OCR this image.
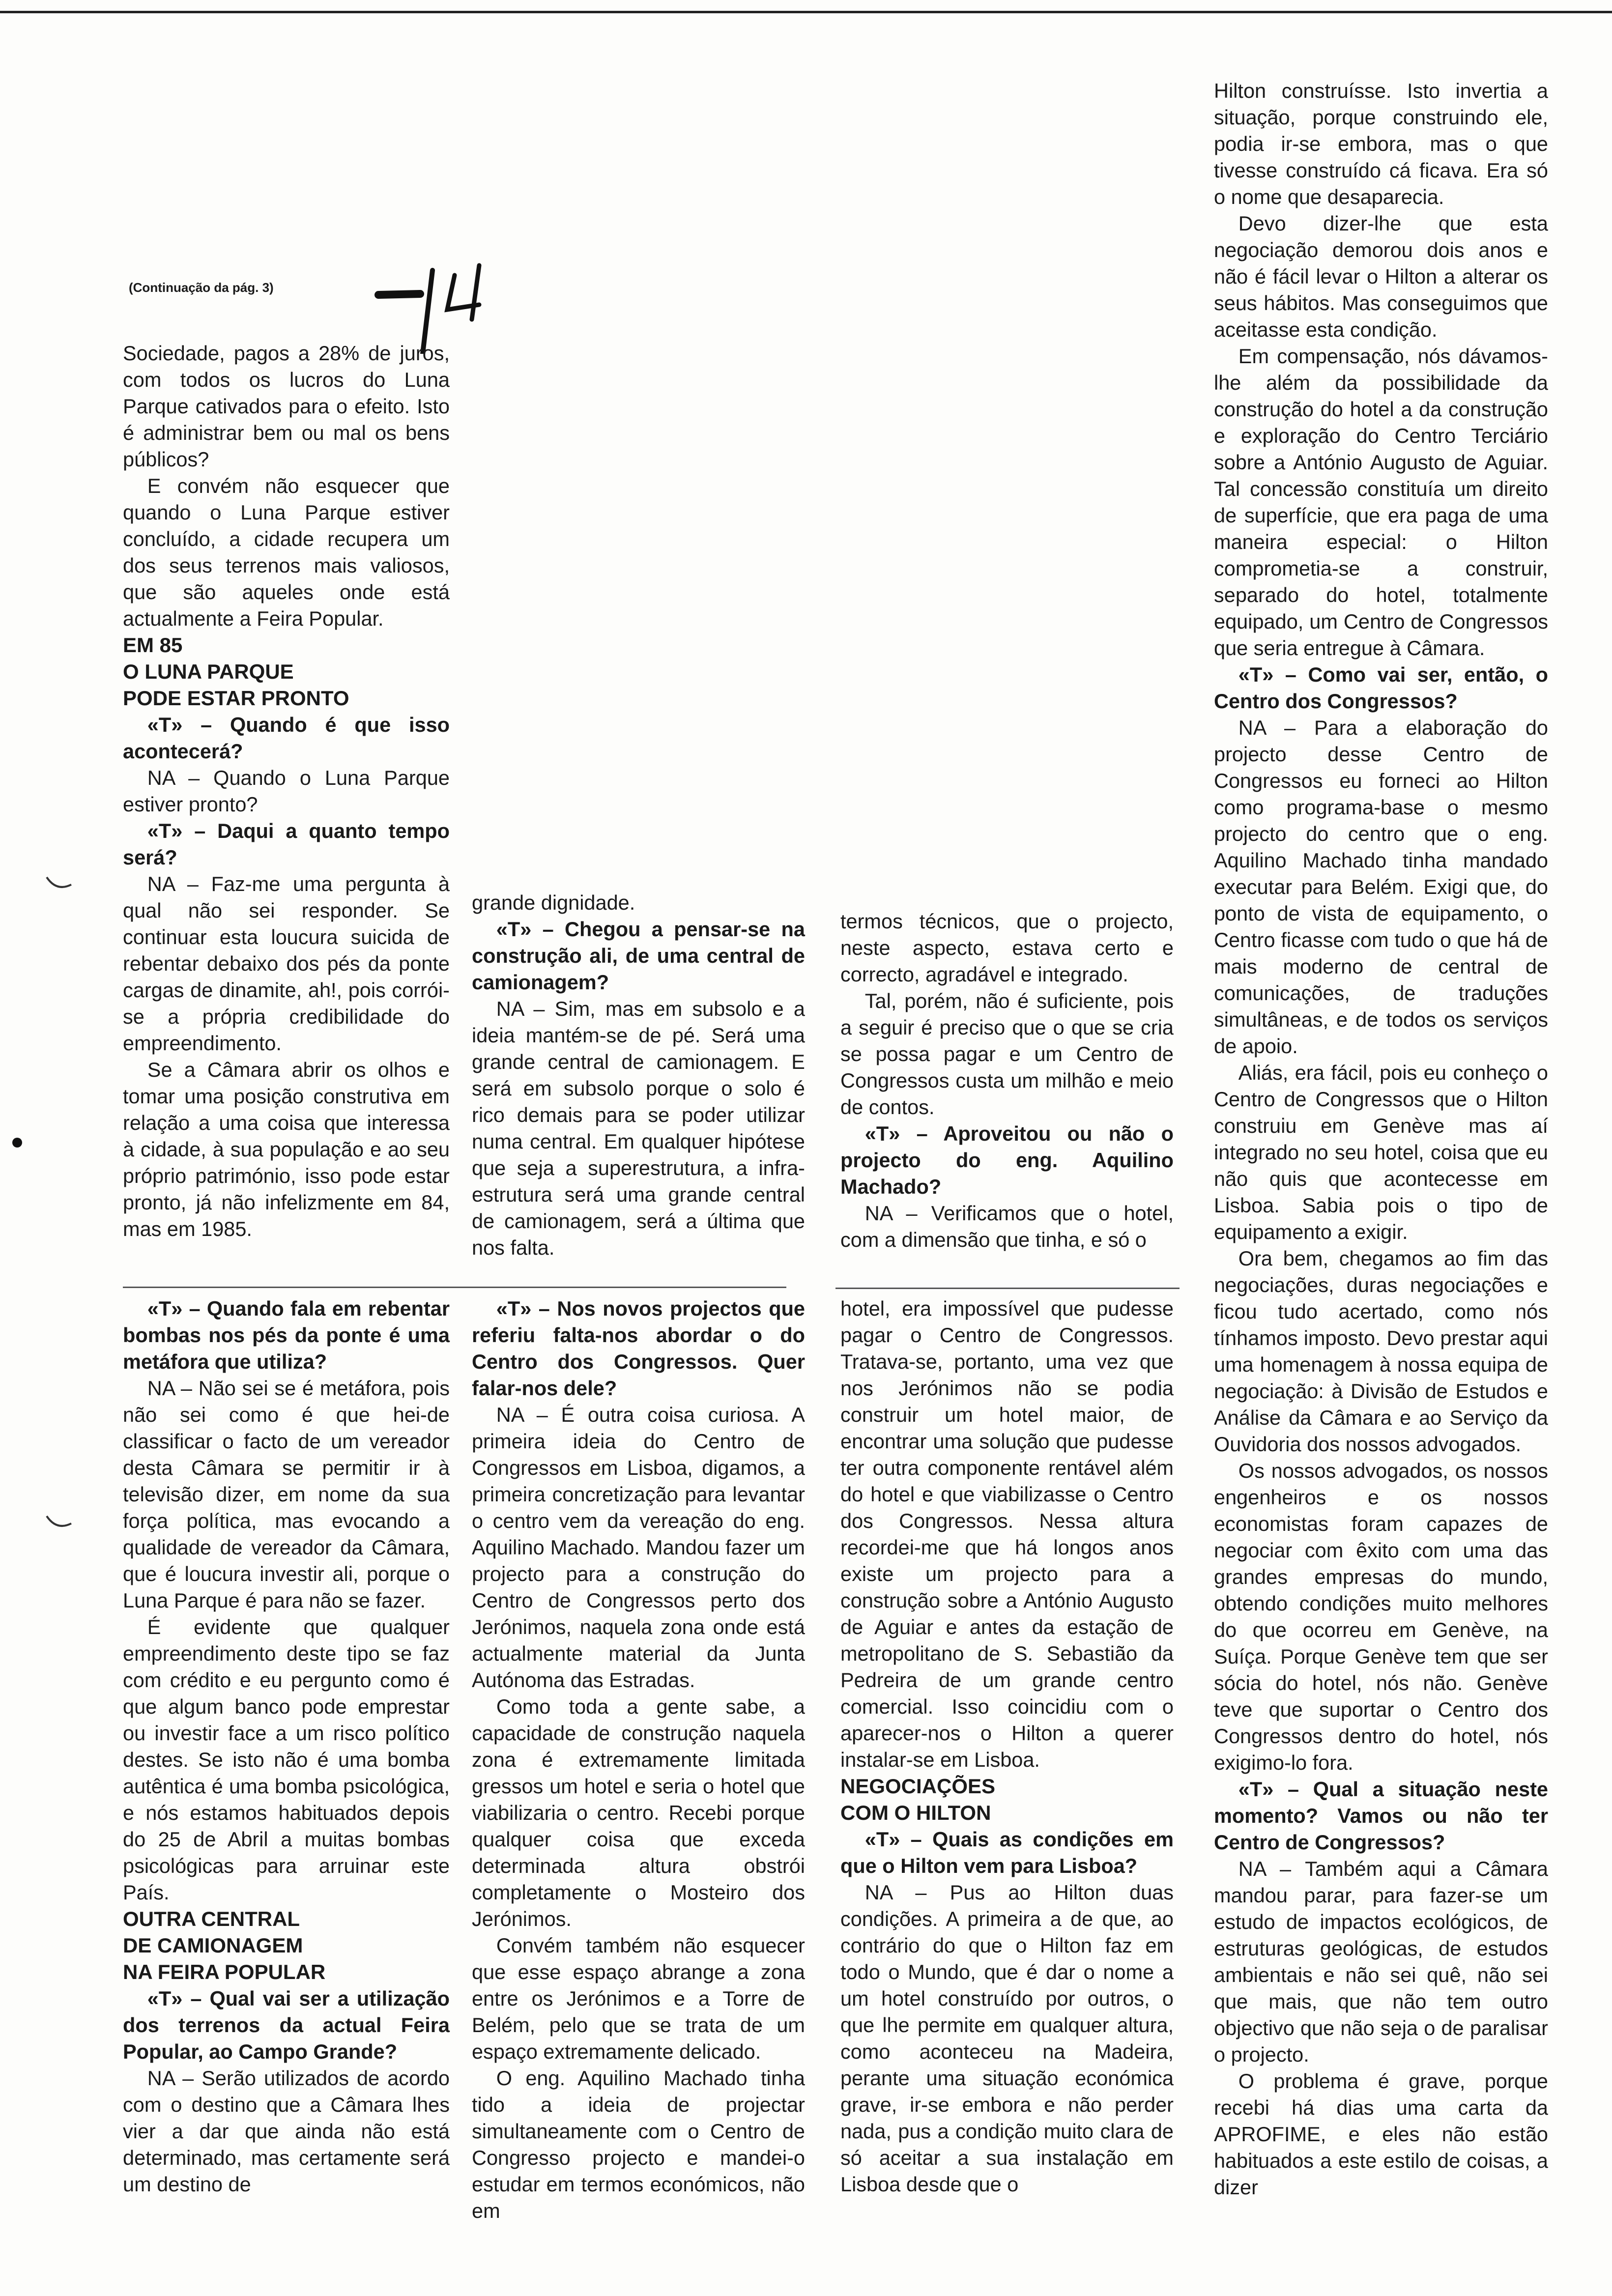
(Continuação da pág. 3)

Sociedade, pagos a 28% de juros, com todos os lucros do Luna Parque cativados para o efeito. Isto é administrar bem ou mal os bens públicos?

E convém não esquecer que quando o Luna Parque estiver concluído, a cidade recupera um dos seus terrenos mais valiosos, que são aqueles onde está actualmente a Feira Popular.

EM 85

O LUNA PARQUE

PODE ESTAR PRONTO

«T» – Quando é que isso acontecerá?

NA – Quando o Luna Parque estiver pronto?

«T» – Daqui a quanto tempo será?

NA – Faz-me uma pergunta à qual não sei responder. Se continuar esta loucura suicida de rebentar debaixo dos pés da ponte cargas de dinamite, ah!, pois corrói-se a própria credibilidade do empreendimento.

Se a Câmara abrir os olhos e tomar uma posição construtiva em relação a uma coisa que interessa à cidade, à sua população e ao seu próprio património, isso pode estar pronto, já não infelizmente em 84, mas em 1985.

«T» – Quando fala em rebentar bombas nos pés da ponte é uma metáfora que utiliza?

NA – Não sei se é metáfora, pois não sei como é que hei-de classificar o facto de um vereador desta Câmara se permitir ir à televisão dizer, em nome da sua força política, mas evocando a qualidade de vereador da Câmara, que é loucura investir ali, porque o Luna Parque é para não se fazer.

É evidente que qualquer empreendimento deste tipo se faz com crédito e eu pergunto como é que algum banco pode emprestar ou investir face a um risco político destes. Se isto não é uma bomba autêntica é uma bomba psicológica, e nós estamos habituados depois do 25 de Abril a muitas bombas psicológicas para arruinar este País.

OUTRA CENTRAL

DE CAMIONAGEM

NA FEIRA POPULAR

«T» – Qual vai ser a utilização dos terrenos da actual Feira Popular, ao Campo Grande?

NA – Serão utilizados de acordo com o destino que a Câmara lhes vier a dar que ainda não está determinado, mas certamente será um destino de

grande dignidade.

«T» – Chegou a pensar-se na construção ali, de uma central de camionagem?

NA – Sim, mas em subsolo e a ideia mantém-se de pé. Será uma grande central de camionagem. E será em subsolo porque o solo é rico demais para se poder utilizar numa central. Em qualquer hipótese que seja a superestrutura, a infra-estrutura será uma grande central de camionagem, será a última que nos falta.

«T» – Nos novos projectos que referiu falta-nos abordar o do Centro dos Congressos. Quer falar-nos dele?

NA – É outra coisa curiosa. A primeira ideia do Centro de Congressos em Lisboa, digamos, a primeira concretização para levantar o centro vem da vereação do eng. Aquilino Machado. Mandou fazer um projecto para a construção do Centro de Congressos perto dos Jerónimos, naquela zona onde está actualmente material da Junta Autónoma das Estradas.

Como toda a gente sabe, a capacidade de construção naquela zona é extremamente limitada gressos um hotel e seria o hotel que viabilizaria o centro. Recebi porque qualquer coisa que exceda determinada altura obstrói completamente o Mosteiro dos Jerónimos.

Convém também não esquecer que esse espaço abrange a zona entre os Jerónimos e a Torre de Belém, pelo que se trata de um espaço extremamente delicado.

O eng. Aquilino Machado tinha tido a ideia de projectar simultaneamente com o Centro de Congresso projecto e mandei-o estudar em termos económicos, não em

termos técnicos, que o projecto, neste aspecto, estava certo e correcto, agradável e integrado.

Tal, porém, não é suficiente, pois a seguir é preciso que o que se cria se possa pagar e um Centro de Congressos custa um milhão e meio de contos.

«T» – Aproveitou ou não o projecto do eng. Aquilino Machado?

NA – Verificamos que o hotel, com a dimensão que tinha, e só o

hotel, era impossível que pudesse pagar o Centro de Congressos. Tratava-se, portanto, uma vez que nos Jerónimos não se podia construir um hotel maior, de encontrar uma solução que pudesse ter outra componente rentável além do hotel e que viabilizasse o Centro dos Congressos. Nessa altura recordei-me que há longos anos existe um projecto para a construção sobre a António Augusto de Aguiar e antes da estação de metropolitano de S. Sebastião da Pedreira de um grande centro comercial. Isso coincidiu com o aparecer-nos o Hilton a querer instalar-se em Lisboa.

NEGOCIAÇÕES

COM O HILTON

«T» – Quais as condições em que o Hilton vem para Lisboa?

NA – Pus ao Hilton duas condições. A primeira a de que, ao contrário do que o Hilton faz em todo o Mundo, que é dar o nome a um hotel construído por outros, o que lhe permite em qualquer altura, como aconteceu na Madeira, perante uma situação económica grave, ir-se embora e não perder nada, pus a condição muito clara de só aceitar a sua instalação em Lisboa desde que o

Hilton construísse. Isto invertia a situação, porque construindo ele, podia ir-se embora, mas o que tivesse construído cá ficava. Era só o nome que desaparecia.

Devo dizer-lhe que esta negociação demorou dois anos e não é fácil levar o Hilton a alterar os seus hábitos. Mas conseguimos que aceitasse esta condição.

Em compensação, nós dávamos-lhe além da possibilidade da construção do hotel a da construção e exploração do Centro Terciário sobre a António Augusto de Aguiar. Tal concessão constituía um direito de superfície, que era paga de uma maneira especial: o Hilton comprometia-se a construir, separado do hotel, totalmente equipado, um Centro de Congressos que seria entregue à Câmara.

«T» – Como vai ser, então, o Centro dos Congressos?

NA – Para a elaboração do projecto desse Centro de Congressos eu forneci ao Hilton como programa-base o mesmo projecto do centro que o eng. Aquilino Machado tinha mandado executar para Belém. Exigi que, do ponto de vista de equipamento, o Centro ficasse com tudo o que há de mais moderno de central de comunicações, de traduções simultâneas, e de todos os serviços de apoio.

Aliás, era fácil, pois eu conheço o Centro de Congressos que o Hilton construiu em Genève mas aí integrado no seu hotel, coisa que eu não quis que acontecesse em Lisboa. Sabia pois o tipo de equipamento a exigir.

Ora bem, chegamos ao fim das negociações, duras negociações e ficou tudo acertado, como nós tínhamos imposto. Devo prestar aqui uma homenagem à nossa equipa de negociação: à Divisão de Estudos e Análise da Câmara e ao Serviço da Ouvidoria dos nossos advogados.

Os nossos advogados, os nossos engenheiros e os nossos economistas foram capazes de negociar com êxito com uma das grandes empresas do mundo, obtendo condições muito melhores do que ocorreu em Genève, na Suíça. Porque Genève tem que ser sócia do hotel, nós não. Genève teve que suportar o Centro dos Congressos dentro do hotel, nós exigimo-lo fora.

«T» – Qual a situação neste momento? Vamos ou não ter Centro de Congressos?

NA – Também aqui a Câmara mandou parar, para fazer-se um estudo de impactos ecológicos, de estruturas geológicas, de estudos ambientais e não sei quê, não sei que mais, que não tem outro objectivo que não seja o de paralisar o projecto.

O problema é grave, porque recebi há dias uma carta da APROFIME, e eles não estão habituados a este estilo de coisas, a dizer
